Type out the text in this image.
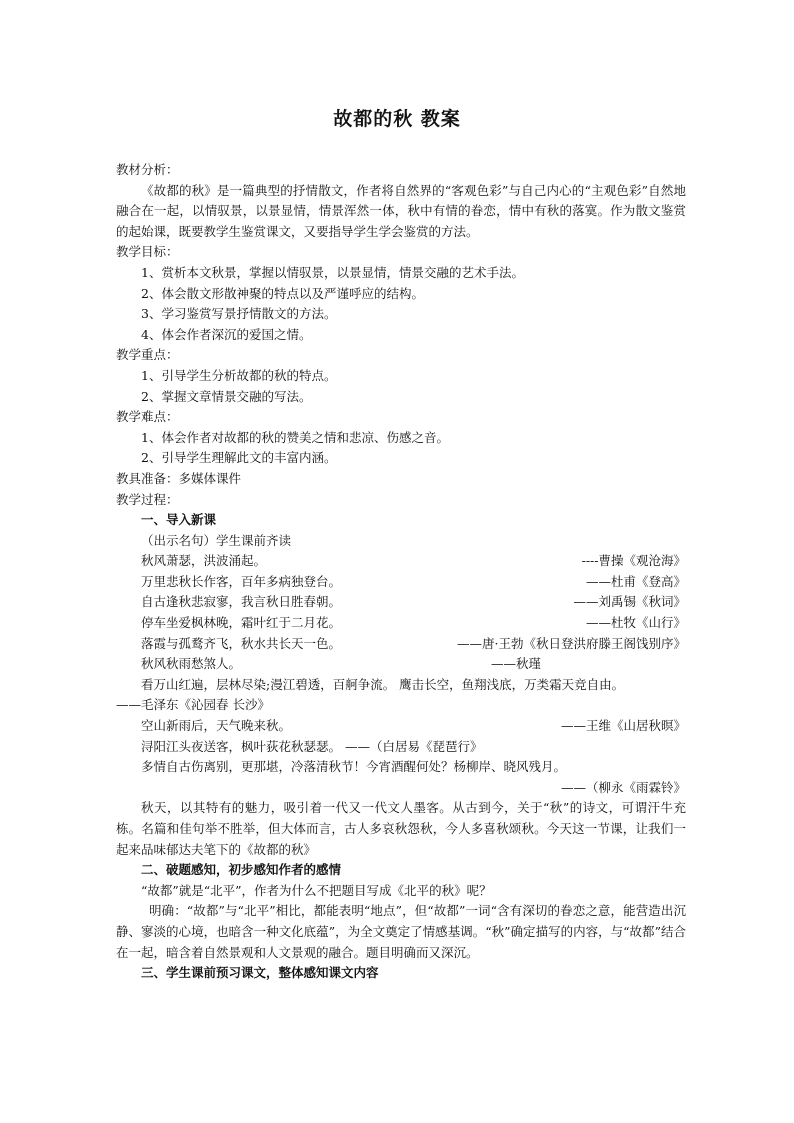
故都的秋 教案
教材分析：
《故都的秋》是一篇典型的抒情散文，作者将自然界的“客观色彩”与自己内心的“主观色彩”自然地融合在一起，以情驭景，以景显情，情景浑然一体，秋中有情的眷恋，情中有秋的落寞。作为散文鉴赏的起始课，既要教学生鉴赏课文，又要指导学生学会鉴赏的方法。
教学目标：
1、赏析本文秋景，掌握以情驭景，以景显情，情景交融的艺术手法。
2、体会散文形散神聚的特点以及严谨呼应的结构。
3、学习鉴赏写景抒情散文的方法。
4、体会作者深沉的爱国之情。
教学重点：
1、引导学生分析故都的秋的特点。
2、掌握文章情景交融的写法。
教学难点：
1、体会作者对故都的秋的赞美之情和悲凉、伤感之音。
2、引导学生理解此文的丰富内涵。
教具准备：多媒体课件
教学过程：
一、导入新课
（出示名句）学生课前齐读
秋风萧瑟，洪波涌起。	----曹操《观沧海》
万里悲秋长作客，百年多病独登台。	——杜甫《登高》
自古逢秋悲寂寥，我言秋日胜春朝。	——刘禹锡《秋词》
停车坐爱枫林晚，霜叶红于二月花。	——杜牧《山行》
落霞与孤鹜齐飞，秋水共长天一色。	——唐·王勃《秋日登洪府滕王阁饯别序》
秋风秋雨愁煞人。	——秋瑾
看万山红遍，层林尽染;漫江碧透，百舸争流。 鹰击长空，鱼翔浅底，万类霜天竞自由。
——毛泽东《沁园春 长沙》
空山新雨后，天气晚来秋。	——王维《山居秋暝》
浔阳江头夜送客，枫叶荻花秋瑟瑟。 ——（白居易《琵琶行》
多情自古伤离别，更那堪，冷落清秋节！今宵酒醒何处？杨柳岸、晓风残月。
——（柳永《雨霖铃》
秋天，以其特有的魅力，吸引着一代又一代文人墨客。从古到今，关于“秋”的诗文，可谓汗牛充栋。名篇和佳句举不胜举，但大体而言，古人多哀秋怨秋，今人多喜秋颂秋。今天这一节课，让我们一起来品味郁达夫笔下的《故都的秋》
二、破题感知，初步感知作者的感情
“故都”就是“北平”，作者为什么不把题目写成《北平的秋》呢？
明确：“故都”与“北平”相比，都能表明“地点”，但“故都”一词“含有深切的眷恋之意，能营造出沉静、寥淡的心境，也暗含一种文化底蕴”，为全文奠定了情感基调。“秋”确定描写的内容，与“故都”结合在一起，暗含着自然景观和人文景观的融合。题目明确而又深沉。
三、学生课前预习课文，整体感知课文内容
